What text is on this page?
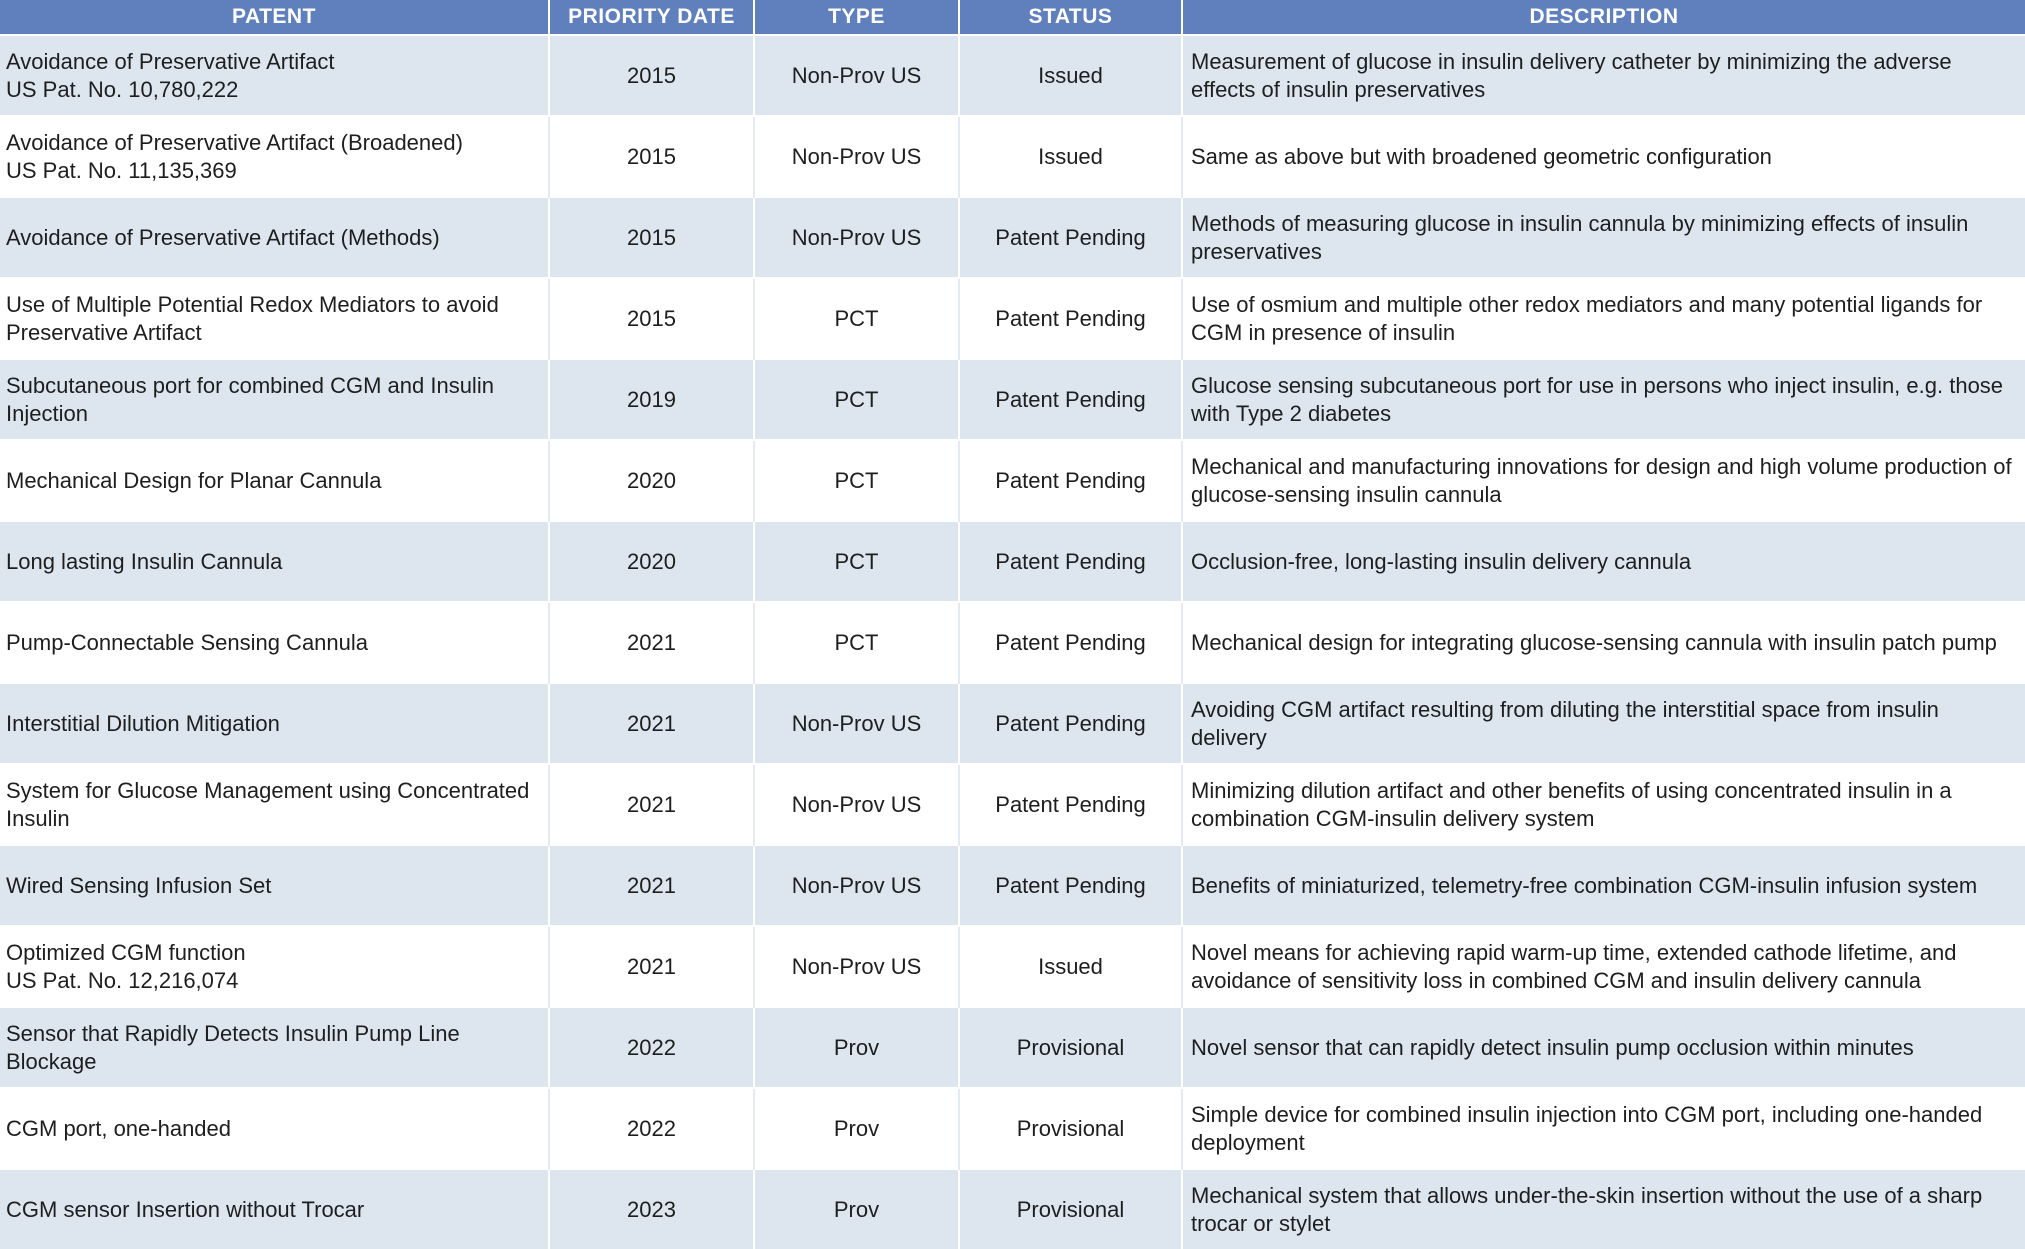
PATENT	PRIORITY DATE	TYPE	STATUS	DESCRIPTION

Avoidance of Preservative Artifact
US Pat. No. 10,780,222	2015	Non-Prov US	Issued	Measurement of glucose in insulin delivery catheter by minimizing the adverse effects of insulin preservatives

Avoidance of Preservative Artifact (Broadened)
US Pat. No. 11,135,369	2015	Non-Prov US	Issued	Same as above but with broadened geometric configuration

Avoidance of Preservative Artifact (Methods)	2015	Non-Prov US	Patent Pending	Methods of measuring glucose in insulin cannula by minimizing effects of insulin preservatives

Use of Multiple Potential Redox Mediators to avoid Preservative Artifact	2015	PCT	Patent Pending	Use of osmium and multiple other redox mediators and many potential ligands for CGM in presence of insulin

Subcutaneous port for combined CGM and Insulin Injection	2019	PCT	Patent Pending	Glucose sensing subcutaneous port for use in persons who inject insulin, e.g. those with Type 2 diabetes

Mechanical Design for Planar Cannula	2020	PCT	Patent Pending	Mechanical and manufacturing innovations for design and high volume production of glucose-sensing insulin cannula

Long lasting Insulin Cannula	2020	PCT	Patent Pending	Occlusion-free, long-lasting insulin delivery cannula

Pump-Connectable Sensing Cannula	2021	PCT	Patent Pending	Mechanical design for integrating glucose-sensing cannula with insulin patch pump

Interstitial Dilution Mitigation	2021	Non-Prov US	Patent Pending	Avoiding CGM artifact resulting from diluting the interstitial space from insulin delivery

System for Glucose Management using Concentrated Insulin	2021	Non-Prov US	Patent Pending	Minimizing dilution artifact and other benefits of using concentrated insulin in a combination CGM-insulin delivery system

Wired Sensing Infusion Set	2021	Non-Prov US	Patent Pending	Benefits of miniaturized, telemetry-free combination CGM-insulin infusion system

Optimized CGM function
US Pat. No. 12,216,074	2021	Non-Prov US	Issued	Novel means for achieving rapid warm-up time, extended cathode lifetime, and avoidance of sensitivity loss in combined CGM and insulin delivery cannula

Sensor that Rapidly Detects Insulin Pump Line Blockage	2022	Prov	Provisional	Novel sensor that can rapidly detect insulin pump occlusion within minutes

CGM port, one-handed	2022	Prov	Provisional	Simple device for combined insulin injection into CGM port, including one-handed deployment

CGM sensor Insertion without Trocar	2023	Prov	Provisional	Mechanical system that allows under-the-skin insertion without the use of a sharp trocar or stylet
